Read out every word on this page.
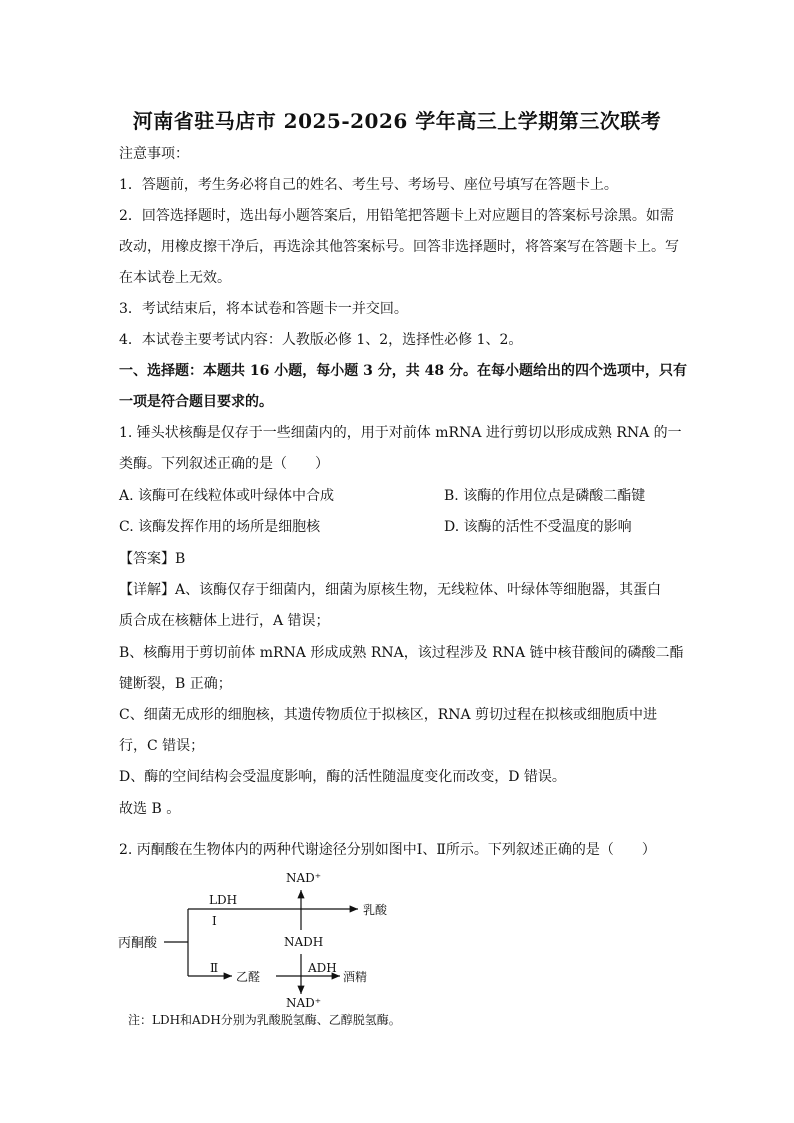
河南省驻马店市 2025-2026 学年高三上学期第三次联考
注意事项：
1．答题前，考生务必将自己的姓名、考生号、考场号、座位号填写在答题卡上。
2．回答选择题时，选出每小题答案后，用铅笔把答题卡上对应题目的答案标号涂黑。如需
改动，用橡皮擦干净后，再选涂其他答案标号。回答非选择题时，将答案写在答题卡上。写
在本试卷上无效。
3．考试结束后，将本试卷和答题卡一并交回。
4．本试卷主要考试内容：人教版必修 1、2，选择性必修 1、2。
一、选择题：本题共 16 小题，每小题 3 分，共 48 分。在每小题给出的四个选项中，只有
一项是符合题目要求的。
1. 锤头状核酶是仅存于一些细菌内的，用于对前体 mRNA 进行剪切以形成成熟 RNA 的一
类酶。下列叙述正确的是（　　）
A. 该酶可在线粒体或叶绿体中合成	B. 该酶的作用位点是磷酸二酯键
C. 该酶发挥作用的场所是细胞核	D. 该酶的活性不受温度的影响
【答案】B
【详解】A、该酶仅存于细菌内，细菌为原核生物，无线粒体、叶绿体等细胞器，其蛋白
质合成在核糖体上进行，A 错误；
B、核酶用于剪切前体 mRNA 形成成熟 RNA，该过程涉及 RNA 链中核苷酸间的磷酸二酯
键断裂，B 正确；
C、细菌无成形的细胞核，其遗传物质位于拟核区，RNA 剪切过程在拟核或细胞质中进
行，C 错误；
D、酶的空间结构会受温度影响，酶的活性随温度变化而改变，D 错误。
故选 B 。
2. 丙酮酸在生物体内的两种代谢途径分别如图中Ⅰ、Ⅱ所示。下列叙述正确的是（　　）
丙酮酸
LDH
Ⅰ
Ⅱ
NAD⁺
NADH
NAD⁺
乳酸
乙醛
ADH
酒精
注：LDH和ADH分别为乳酸脱氢酶、乙醇脱氢酶。
